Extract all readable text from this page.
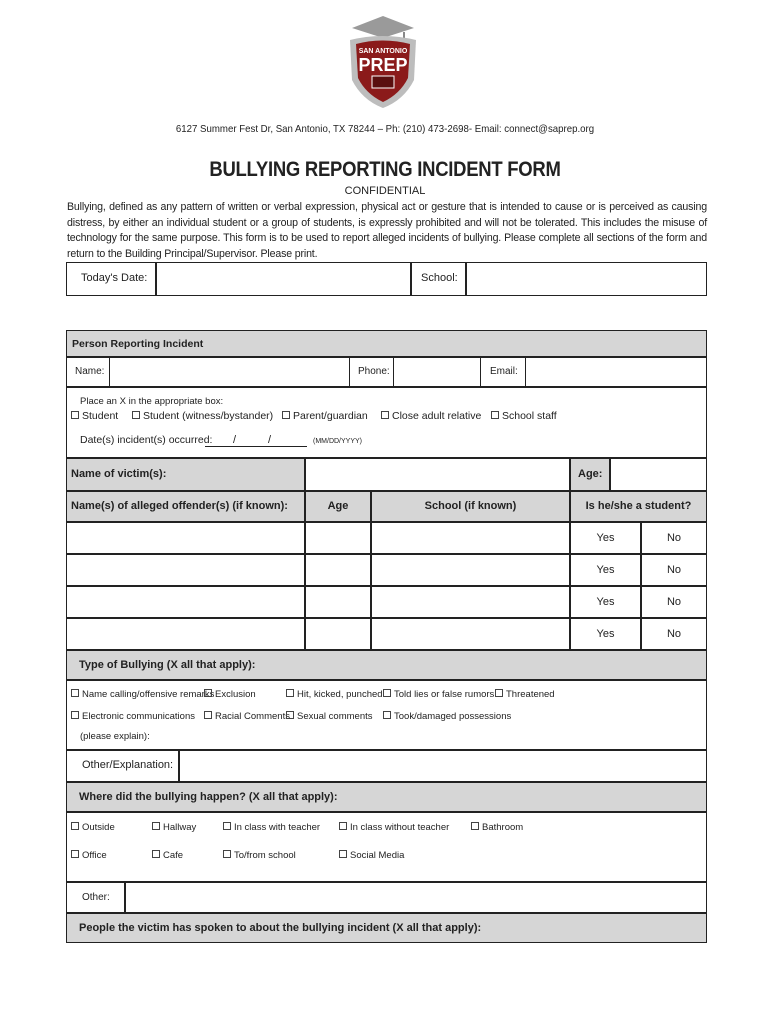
SAN ANTONIO
PREP
6127 Summer Fest Dr, San Antonio, TX 78244 – Ph: (210) 473-2698- Email: connect@saprep.org
BULLYING REPORTING INCIDENT FORM
CONFIDENTIAL
Bullying, defined as any pattern of written or verbal expression, physical act or gesture that is intended to cause or is perceived as causing distress, by either an individual student or a group of students, is expressly prohibited and will not be tolerated. This includes the misuse of technology for the same purpose. This form is to be used to report alleged incidents of bullying. Please complete all sections of the form and return to the Building Principal/Supervisor. Please print.
Today's Date:	School:
Person Reporting Incident
Name:	Phone:	Email:
Place an X in the appropriate box:
Student	Student (witness/bystander)	Parent/guardian	Close adult relative	School staff
Date(s) incident(s) occurred: /	/	(MM/DD/YYYY)
Name of victim(s):	Age:
Name(s) of alleged offender(s) (if known):	Age	School (if known)	Is he/she a student?
Yes	No
Yes	No
Yes	No
Yes	No
Type of Bullying (X all that apply):
Name calling/offensive remarks Exclusion	Hit, kicked, punched	Told lies or false rumors	Threatened
Electronic communications	Racial Comments Sexual comments	Took/damaged possessions
(please explain):
Other/Explanation:
Where did the bullying happen? (X all that apply):
Outside	Hallway	In class with teacher	In class without teacher	Bathroom
Office	Cafe	To/from school	Social Media
Other:
People the victim has spoken to about the bullying incident (X all that apply):
